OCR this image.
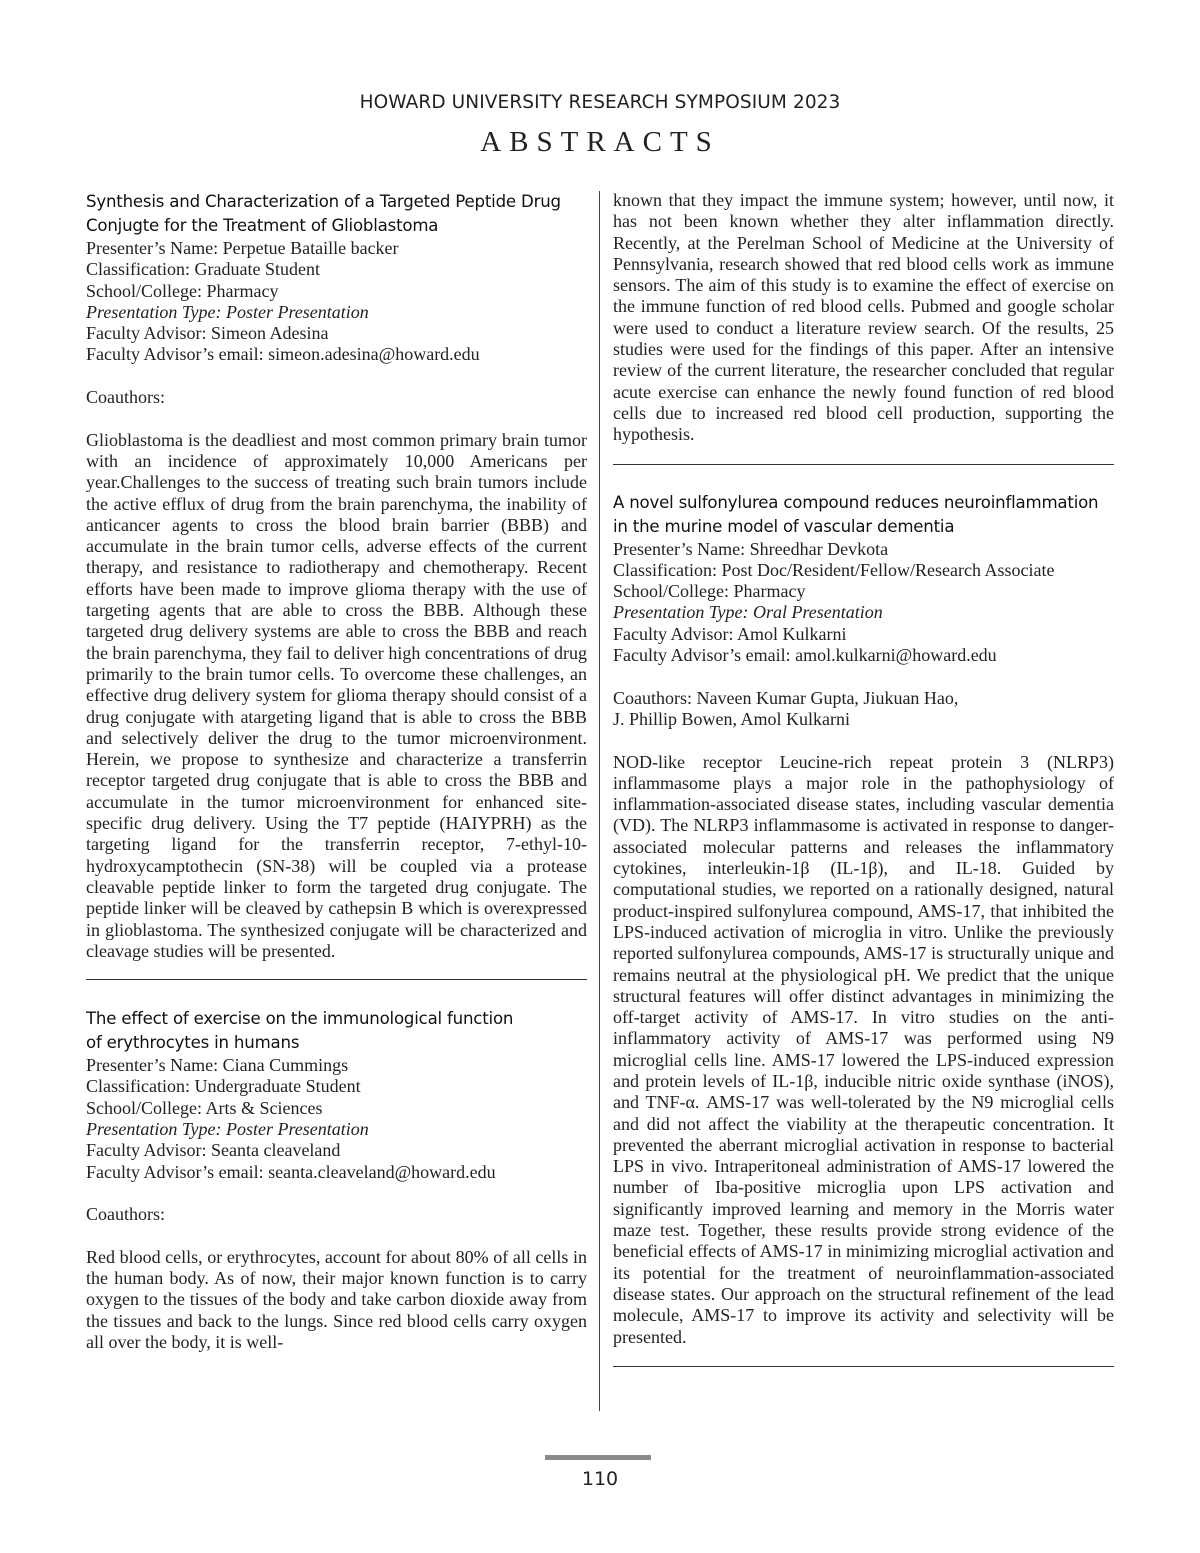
HOWARD UNIVERSITY RESEARCH SYMPOSIUM 2023
ABSTRACTS
Synthesis and Characterization of a Targeted Peptide Drug
Conjugte for the Treatment of Glioblastoma
Presenter’s Name: Perpetue Bataille backer
Classification: Graduate Student
School/College: Pharmacy
Presentation Type: Poster Presentation
Faculty Advisor: Simeon Adesina
Faculty Advisor’s email: simeon.adesina@howard.edu
Coauthors:
Glioblastoma is the deadliest and most common primary brain tumor with an incidence of approximately 10,000 Americans per year.Challenges to the success of treating such brain tumors include the active efflux of drug from the brain parenchyma, the inability of anticancer agents to cross the blood brain barrier (BBB) and accumulate in the brain tumor cells, adverse effects of the current therapy, and resistance to radiotherapy and chemotherapy. Recent efforts have been made to improve glioma therapy with the use of targeting agents that are able to cross the BBB. Although these targeted drug delivery systems are able to cross the BBB and reach the brain parenchyma, they fail to deliver high concentrations of drug primarily to the brain tumor cells. To overcome these challenges, an effective drug delivery system for glioma therapy should consist of a drug conjugate with atargeting ligand that is able to cross the BBB and selectively deliver the drug to the tumor microenvironment. Herein, we propose to synthesize and characterize a transferrin receptor targeted drug conjugate that is able to cross the BBB and accumulate in the tumor microenvironment for enhanced site-specific drug delivery. Using the T7 peptide (HAIYPRH) as the targeting ligand for the transferrin receptor, 7-ethyl-10-hydroxycamptothecin (SN-38) will be coupled via a protease cleavable peptide linker to form the targeted drug conjugate. The peptide linker will be cleaved by cathepsin B which is overexpressed in glioblastoma. The synthesized conjugate will be characterized and cleavage studies will be presented.
The effect of exercise on the immunological function
of erythrocytes in humans
Presenter’s Name: Ciana Cummings
Classification: Undergraduate Student
School/College: Arts & Sciences
Presentation Type: Poster Presentation
Faculty Advisor: Seanta cleaveland
Faculty Advisor’s email: seanta.cleaveland@howard.edu
Coauthors:
Red blood cells, or erythrocytes, account for about 80% of all cells in the human body. As of now, their major known function is to carry oxygen to the tissues of the body and take carbon dioxide away from the tissues and back to the lungs. Since red blood cells carry oxygen all over the body, it is well-
known that they impact the immune system; however, until now, it has not been known whether they alter inflammation directly. Recently, at the Perelman School of Medicine at the University of Pennsylvania, research showed that red blood cells work as immune sensors. The aim of this study is to examine the effect of exercise on the immune function of red blood cells. Pubmed and google scholar were used to conduct a literature review search. Of the results, 25 studies were used for the findings of this paper. After an intensive review of the current literature, the researcher concluded that regular acute exercise can enhance the newly found function of red blood cells due to increased red blood cell production, supporting the hypothesis.
A novel sulfonylurea compound reduces neuroinflammation
in the murine model of vascular dementia
Presenter’s Name: Shreedhar Devkota
Classification: Post Doc/Resident/Fellow/Research Associate
School/College: Pharmacy
Presentation Type: Oral Presentation
Faculty Advisor: Amol Kulkarni
Faculty Advisor’s email: amol.kulkarni@howard.edu
Coauthors: Naveen Kumar Gupta, Jiukuan Hao,
J. Phillip Bowen, Amol Kulkarni
NOD-like receptor Leucine-rich repeat protein 3 (NLRP3) inflammasome plays a major role in the pathophysiology of inflammation-associated disease states, including vascular dementia (VD). The NLRP3 inflammasome is activated in response to danger-associated molecular patterns and releases the inflammatory cytokines, interleukin-1β (IL-1β), and IL-18. Guided by computational studies, we reported on a rationally designed, natural product-inspired sulfonylurea compound, AMS-17, that inhibited the LPS-induced activation of microglia in vitro. Unlike the previously reported sulfonylurea compounds, AMS-17 is structurally unique and remains neutral at the physiological pH. We predict that the unique structural features will offer distinct advantages in minimizing the off-target activity of AMS-17. In vitro studies on the anti-inflammatory activity of AMS-17 was performed using N9 microglial cells line. AMS-17 lowered the LPS-induced expression and protein levels of IL-1β, inducible nitric oxide synthase (iNOS), and TNF-α. AMS-17 was well-tolerated by the N9 microglial cells and did not affect the viability at the therapeutic concentration. It prevented the aberrant microglial activation in response to bacterial LPS in vivo. Intraperitoneal administration of AMS-17 lowered the number of Iba-positive microglia upon LPS activation and significantly improved learning and memory in the Morris water maze test. Together, these results provide strong evidence of the beneficial effects of AMS-17 in minimizing microglial activation and its potential for the treatment of neuroinflammation-associated disease states. Our approach on the structural refinement of the lead molecule, AMS-17 to improve its activity and selectivity will be presented.
110
